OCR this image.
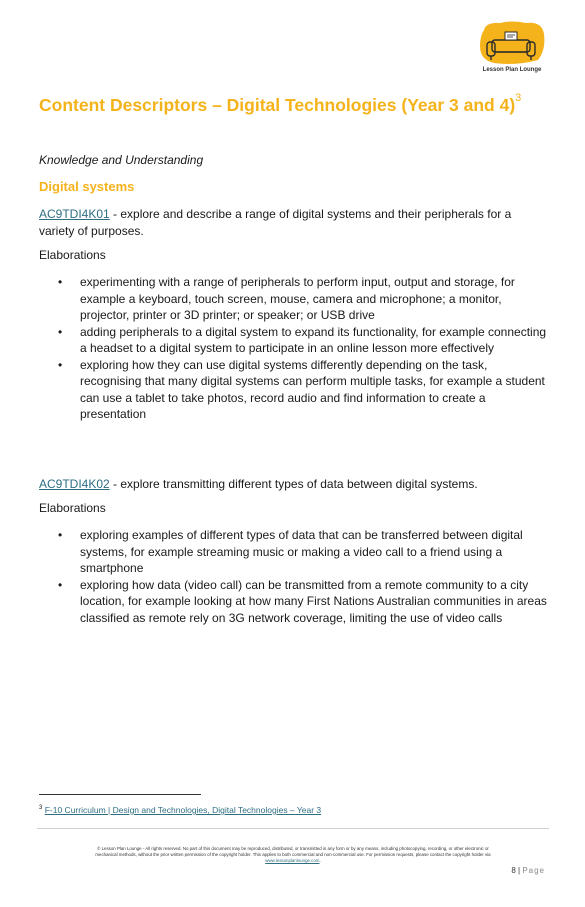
Lesson Plan Lounge
Content Descriptors – Digital Technologies (Year 3 and 4)$^3$
Knowledge and Understanding
Digital systems
AC9TDI4K01 - explore and describe a range of digital systems and their peripherals for a variety of purposes.
Elaborations
• experimenting with a range of peripherals to perform input, output and storage, for example a keyboard, touch screen, mouse, camera and microphone; a monitor, projector, printer or 3D printer; or speaker; or USB drive
• adding peripherals to a digital system to expand its functionality, for example connecting a headset to a digital system to participate in an online lesson more effectively
• exploring how they can use digital systems differently depending on the task, recognising that many digital systems can perform multiple tasks, for example a student can use a tablet to take photos, record audio and find information to create a presentation
AC9TDI4K02 - explore transmitting different types of data between digital systems.
Elaborations
• exploring examples of different types of data that can be transferred between digital systems, for example streaming music or making a video call to a friend using a smartphone
• exploring how data (video call) can be transmitted from a remote community to a city location, for example looking at how many First Nations Australian communities in areas classified as remote rely on 3G network coverage, limiting the use of video calls
$^3$ F-10 Curriculum | Design and Technologies, Digital Technologies – Year 3
© Lesson Plan Lounge - All rights reserved. No part of this document may be reproduced, distributed, or transmitted in any form or by any means, including photocopying, recording, or other electronic or
mechanical methods, without the prior written permission of the copyright holder. This applies to both commercial and non-commercial use. For permission requests, please contact the copyright holder via
www.lessonplanlounge.com.
8 | Page
